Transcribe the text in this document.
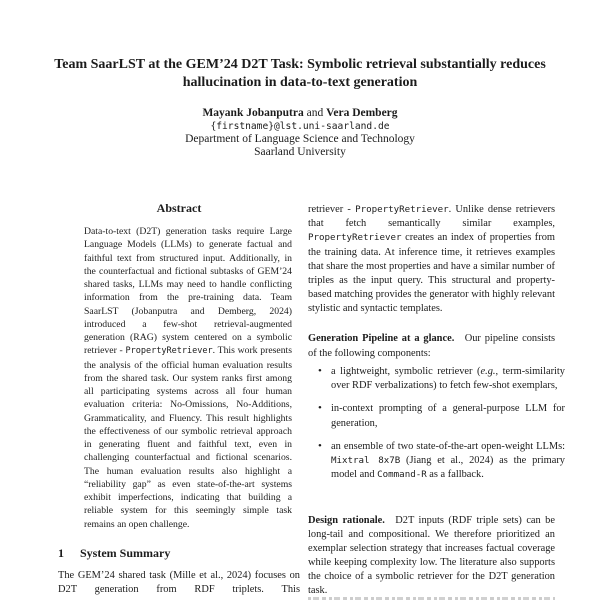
Team SaarLST at the GEM’24 D2T Task: Symbolic retrieval substantially reduces hallucination in data-to-text generation
Mayank Jobanputra and Vera Demberg
{firstname}@lst.uni-saarland.de
Department of Language Science and Technology
Saarland University
Abstract
Data-to-text (D2T) generation tasks require Large Language Models (LLMs) to generate factual and faithful text from structured input. Additionally, in the counterfactual and fictional subtasks of GEM’24 shared tasks, LLMs may need to handle conflicting information from the pre-training data. Team SaarLST (Jobanputra and Demberg, 2024) introduced a few-shot retrieval-augmented generation (RAG) system centered on a symbolic retriever - PropertyRetriever. This work presents the analysis of the official human evaluation results from the shared task. Our system ranks first among all participating systems across all four human evaluation criteria: No-Omissions, No-Additions, Grammaticality, and Fluency. This result highlights the effectiveness of our symbolic retrieval approach in generating fluent and faithful text, even in challenging counterfactual and fictional scenarios. The human evaluation results also highlight a “reliability gap” as even state-of-the-art systems exhibit imperfections, indicating that building a reliable system for this seemingly simple task remains an open challenge.
1 System Summary
The GEM’24 shared task (Mille et al., 2024) focuses on D2T generation from RDF triplets. This
retriever - PropertyRetriever. Unlike dense retrievers that fetch semantically similar examples, PropertyRetriever creates an index of properties from the training data. At inference time, it retrieves examples that share the most properties and have a similar number of triples as the input query. This structural and property-based matching provides the generator with highly relevant stylistic and syntactic templates.
Generation Pipeline at a glance.  Our pipeline consists of the following components:
• a lightweight, symbolic retriever (e.g., term-similarity over RDF verbalizations) to fetch few-shot exemplars,
• in-context prompting of a general-purpose LLM for generation,
• an ensemble of two state-of-the-art open-weight LLMs: Mixtral 8x7B (Jiang et al., 2024) as the primary model and Command-R as a fallback.
Design rationale.  D2T inputs (RDF triple sets) can be long-tail and compositional. We therefore prioritized an exemplar selection strategy that increases factual coverage while keeping complexity low. The literature also supports the choice of a symbolic retriever for the D2T generation task.
